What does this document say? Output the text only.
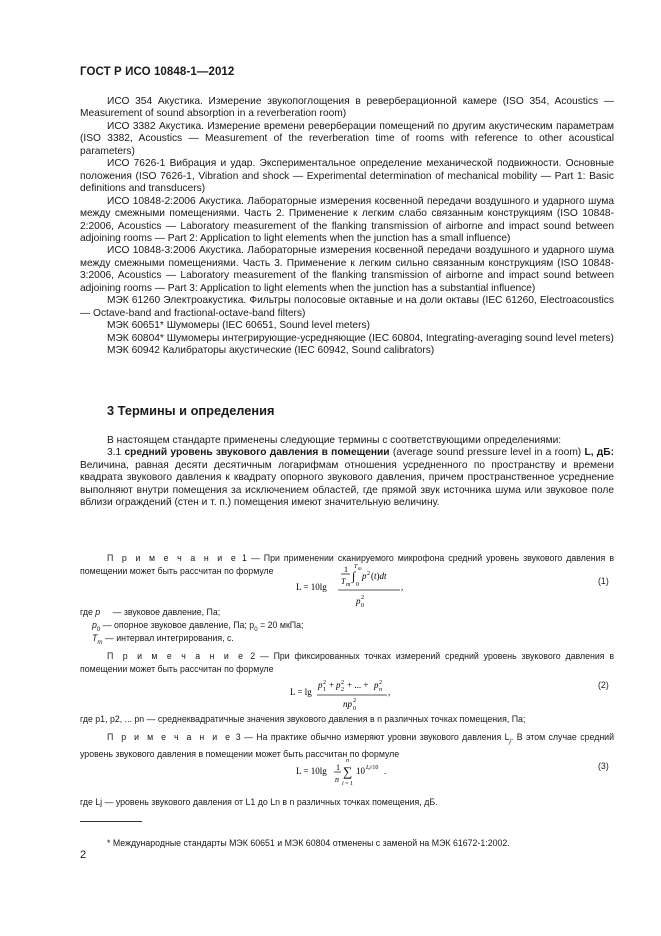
ГОСТ Р ИСО 10848-1—2012

ИСО 354 Акустика. Измерение звукопоглощения в реверберационной камере (ISO 354, Acoustics — Measurement of sound absorption in a reverberation room)

ИСО 3382 Акустика. Измерение времени реверберации помещений по другим акустическим параметрам (ISO 3382, Acoustics — Measurement of the reverberation time of rooms with reference to other acoustical parameters)

ИСО 7626-1 Вибрация и удар. Экспериментальное определение механической подвижности. Основные положения (ISO 7626-1, Vibration and shock — Experimental determination of mechanical mobility — Part 1: Basic definitions and transducers)

ИСО 10848-2:2006 Акустика. Лабораторные измерения косвенной передачи воздушного и ударного шума между смежными помещениями. Часть 2. Применение к легким слабо связанным конструкциям (ISO 10848-2:2006, Acoustics — Laboratory measurement of the flanking transmission of airborne and impact sound between adjoining rooms — Part 2: Application to light elements when the junction has a small influence)

ИСО 10848-3:2006 Акустика. Лабораторные измерения косвенной передачи воздушного и ударного шума между смежными помещениями. Часть 3. Применение к легким сильно связанным конструкциям (ISO 10848-3:2006, Acoustics — Laboratory measurement of the flanking transmission of airborne and impact sound between adjoining rooms — Part 3: Application to light elements when the junction has a substantial influence)

МЭК 61260 Электроакустика. Фильтры полосовые октавные и на доли октавы (IEC 61260, Electroacoustics — Octave-band and fractional-octave-band filters)

МЭК 60651* Шумомеры (IEC 60651, Sound level meters)

МЭК 60804* Шумомеры интегрирующие-усредняющие (IEC 60804, Integrating-averaging sound level meters)

МЭК 60942 Калибраторы акустические (IEC 60942, Sound calibrators)

3 Термины и определения

В настоящем стандарте применены следующие термины с соответствующими определениями:

3.1 средний уровень звукового давления в помещении (average sound pressure level in a room) L, дБ: Величина, равная десяти десятичным логарифмам отношения усредненного по пространству и времени квадрата звукового давления к квадрату опорного звукового давления, причем пространственное усреднение выполняют внутри помещения за исключением областей, где прямой звук источника шума или звуковое поле вблизи ограждений (стен и т. п.) помещения имеют значительную величину.

П р и м е ч а н и е 1 — При применении сканируемого микрофона средний уровень звукового давления в помещении может быть рассчитан по формуле

L = 10lg
1
T m
T m
∫
0
p 2 (t)dt
p 0
2
,
(1)

где p — звуковое давление, Па;

$p_0$ — опорное звуковое давление, Па; $p_0 = 20$ мкПа;

$T_m$ — интервал интегрирования, с.

П р и м е ч а н и е 2 — При фиксированных точках измерений средний уровень звукового давления в помещении может быть рассчитан по формуле

L = lg
p 1
2 + p 2
2 + ... + p n
2
np 0
2
,
(2)

где p1, p2, ... pn — среднеквадратичные значения звукового давления в n различных точках помещения, Па;

П р и м е ч а н и е 3 — На практике обычно измеряют уровни звукового давления $L_j$. В этом случае средний уровень звукового давления в помещении может быть рассчитан по формуле

L = 10lg 1
n
n
∑
i = 1
10 Lj/10 .	(3)

где Lj — уровень звукового давления от L1 до Ln в n различных точках помещения, дБ.

* Международные стандарты МЭК 60651 и МЭК 60804 отменены с заменой на МЭК 61672-1:2002.

2
